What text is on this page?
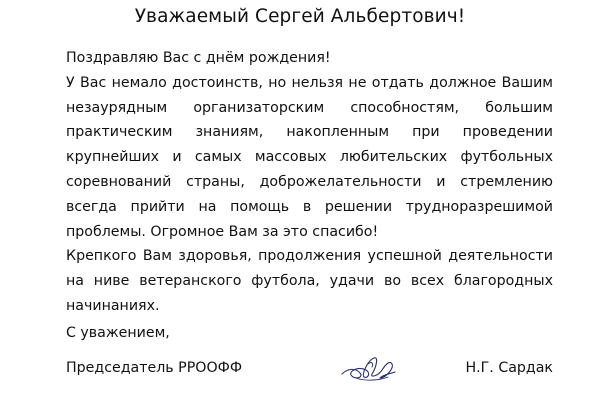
Уважаемый Сергей Альбертович!

Поздравляю Вас с днём рождения!

У Вас немало достоинств, но нельзя не отдать должное Вашим незаурядным организаторским способностям, большим практическим знаниям, накопленным при проведении крупнейших и самых массовых любительских футбольных соревнований страны, доброжелательности и стремлению всегда прийти на помощь в решении трудноразрешимой проблемы. Огромное Вам за это спасибо!

Крепкого Вам здоровья, продолжения успешной деятельности на ниве ветеранского футбола, удачи во всех благородных начинаниях.

С уважением,
Председатель РРООФФ	Н.Г. Сардак
